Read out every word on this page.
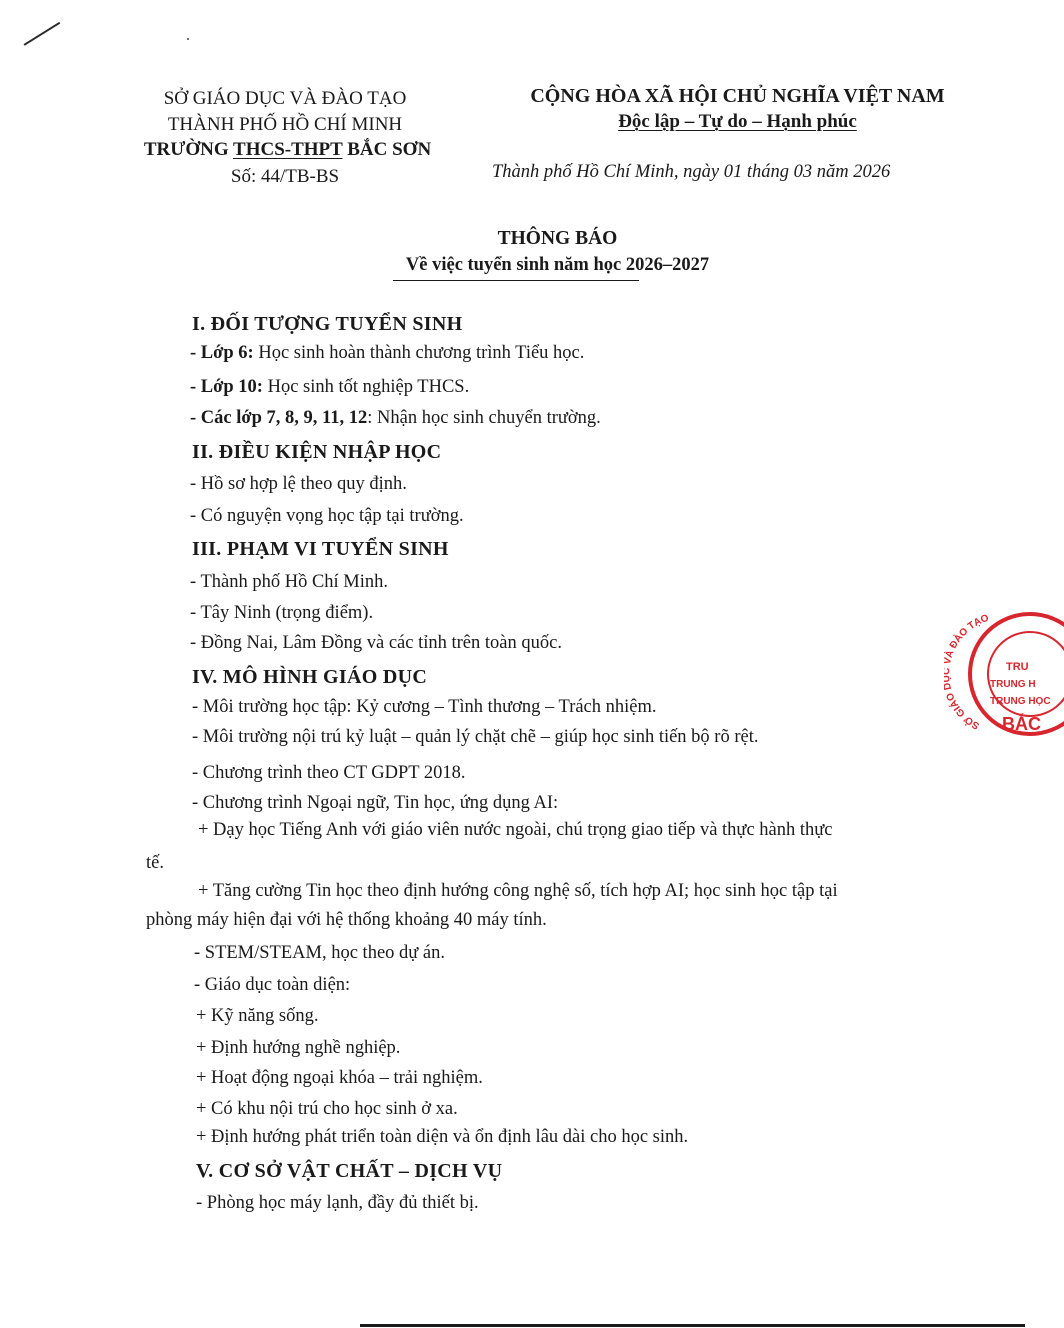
SỞ GIÁO DỤC VÀ ĐÀO TẠO
THÀNH PHỐ HỒ CHÍ MINH
TRƯỜNG THCS-THPT BẮC SƠN
Số: 44/TB-BS
CỘNG HÒA XÃ HỘI CHỦ NGHĨA VIỆT NAM
Độc lập – Tự do – Hạnh phúc
Thành phố Hồ Chí Minh, ngày 01 tháng 03 năm 2026
THÔNG BÁO
Về việc tuyển sinh năm học 2026–2027
I. ĐỐI TƯỢNG TUYỂN SINH
- Lớp 6: Học sinh hoàn thành chương trình Tiểu học.
- Lớp 10: Học sinh tốt nghiệp THCS.
- Các lớp 7, 8, 9, 11, 12: Nhận học sinh chuyển trường.
II. ĐIỀU KIỆN NHẬP HỌC
- Hồ sơ hợp lệ theo quy định.
- Có nguyện vọng học tập tại trường.
III. PHẠM VI TUYỂN SINH
- Thành phố Hồ Chí Minh.
- Tây Ninh (trọng điểm).
- Đồng Nai, Lâm Đồng và các tỉnh trên toàn quốc.
IV. MÔ HÌNH GIÁO DỤC
- Môi trường học tập: Kỷ cương – Tình thương – Trách nhiệm.
- Môi trường nội trú kỷ luật – quản lý chặt chẽ – giúp học sinh tiến bộ rõ rệt.
- Chương trình theo CT GDPT 2018.
- Chương trình Ngoại ngữ, Tin học, ứng dụng AI:
+ Dạy học Tiếng Anh với giáo viên nước ngoài, chú trọng giao tiếp và thực hành thực
tế.
+ Tăng cường Tin học theo định hướng công nghệ số, tích hợp AI; học sinh học tập tại
phòng máy hiện đại với hệ thống khoảng 40 máy tính.
- STEM/STEAM, học theo dự án.
- Giáo dục toàn diện:
+ Kỹ năng sống.
+ Định hướng nghề nghiệp.
+ Hoạt động ngoại khóa – trải nghiệm.
+ Có khu nội trú cho học sinh ở xa.
+ Định hướng phát triển toàn diện và ổn định lâu dài cho học sinh.
V. CƠ SỞ VẬT CHẤT – DỊCH VỤ
- Phòng học máy lạnh, đầy đủ thiết bị.
SỞ GIÁO À ĐÀO TẠO
TRU
TRUNG H
TRUNG HỌC
BẮC
